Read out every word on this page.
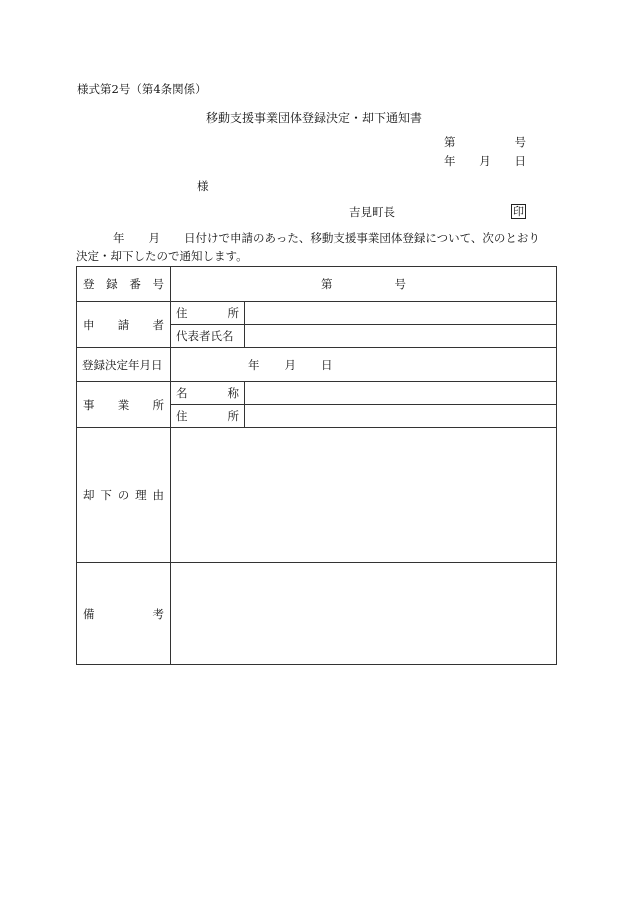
様式第2号（第4条関係）
移動支援事業団体登録決定・却下通知書
第	号
年 月 日
様
吉見町長	印
年 月 日付けで申請のあった、移動支援事業団体登録について、次のとおり
決定・却下したので通知します。
登 録 番 号	第 号	

申 請 者	住 所	

	代表者氏名	

登録決定年月日	年 月 日	

事 業 所	名 称	

	住 所	

却 下 の 理 由		

備 考		
